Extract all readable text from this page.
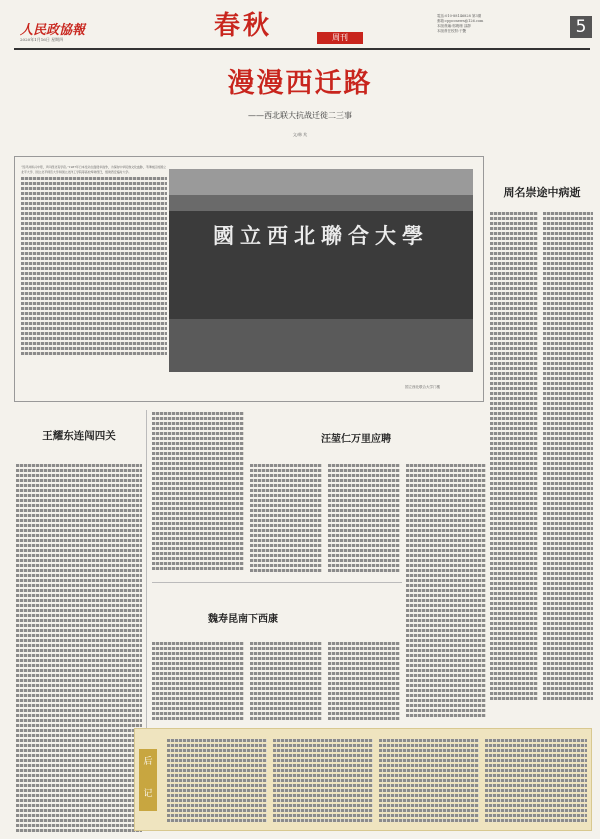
人民政協報
2020年1月16日 星期四	春秋	周刊
電話:010-88146828 第3期
郵箱:cppccnews@126.com
本版責編:郭曉珊 邵靜
本版責任校對:于艷	5
漫漫西迁路
——西北联大抗战迁徙二三事
文/韩 兆
“连环并和兴中原，声问西北有学府。”1937年日本发动全面侵华战争，为保存中华民族文化血脉，平津地区的国立北平大学、国立北平师范大学和国立北洋工学院等高校奉命西迁，组建西安临时大学。
國立西北聯合大學
国立西北联合大学门楼
周名崇途中病逝
王耀东连闯四关	汪堃仁万里应聘
魏寿昆南下西康
后
记
